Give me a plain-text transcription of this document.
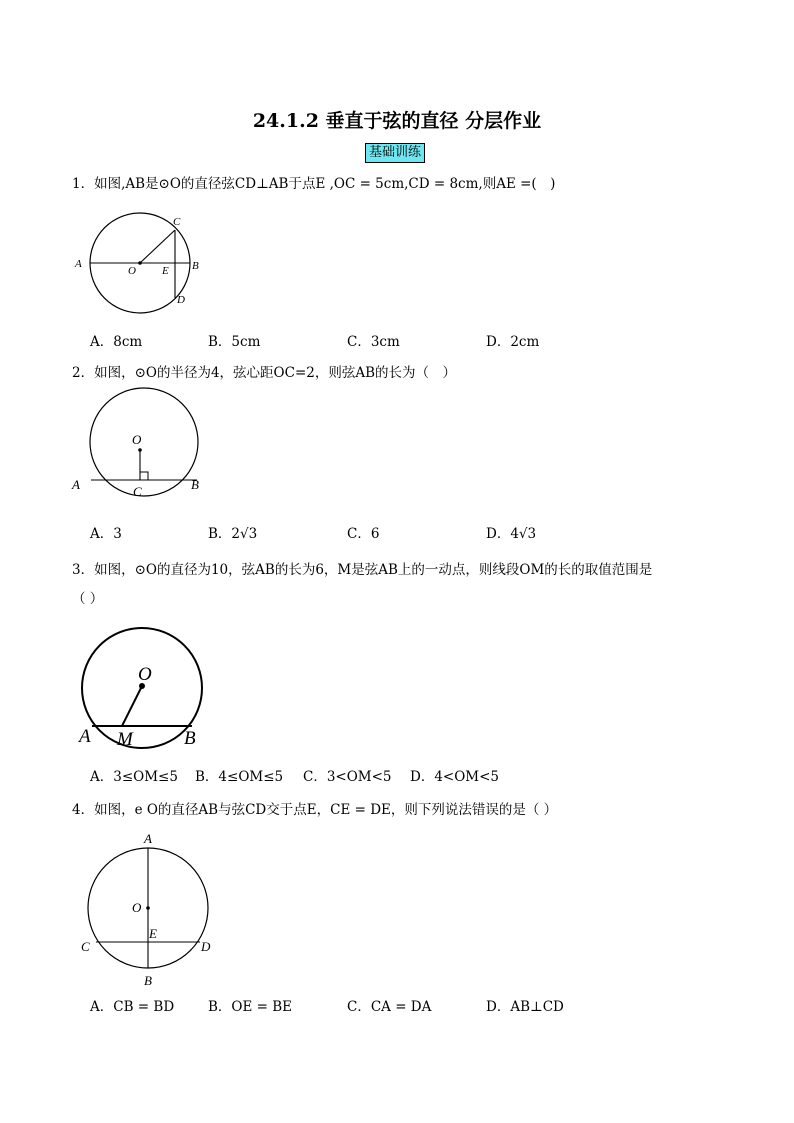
24.1.2 垂直于弦的直径 分层作业
基础训练
1．如图,AB是⊙O的直径弦CD⊥AB于点E ,OC = 5cm,CD = 8cm,则AE =(　)
A
O E B
C
D
A．8cm	B．5cm	C．3cm	D．2cm
2．如图，⊙O的半径为4，弦心距OC=2，则弦AB的长为（　）
O
A	C	B
A．3	B．2√3	C．6	D．4√3
3．如图，⊙O的直径为10，弦AB的长为6，M是弦AB上的一动点，则线段OM的长的取值范围是
（ ）
O
A M	B
A．3≤OM≤5 B．4≤OM≤5 C．3<OM<5 D．4<OM<5
4．如图，e O的直径AB与弦CD交于点E，CE = DE，则下列说法错误的是（ ）
A
O
E
C	D
B
A．CB = BD	B．OE = BE	C．CA = DA	D．AB⊥CD
